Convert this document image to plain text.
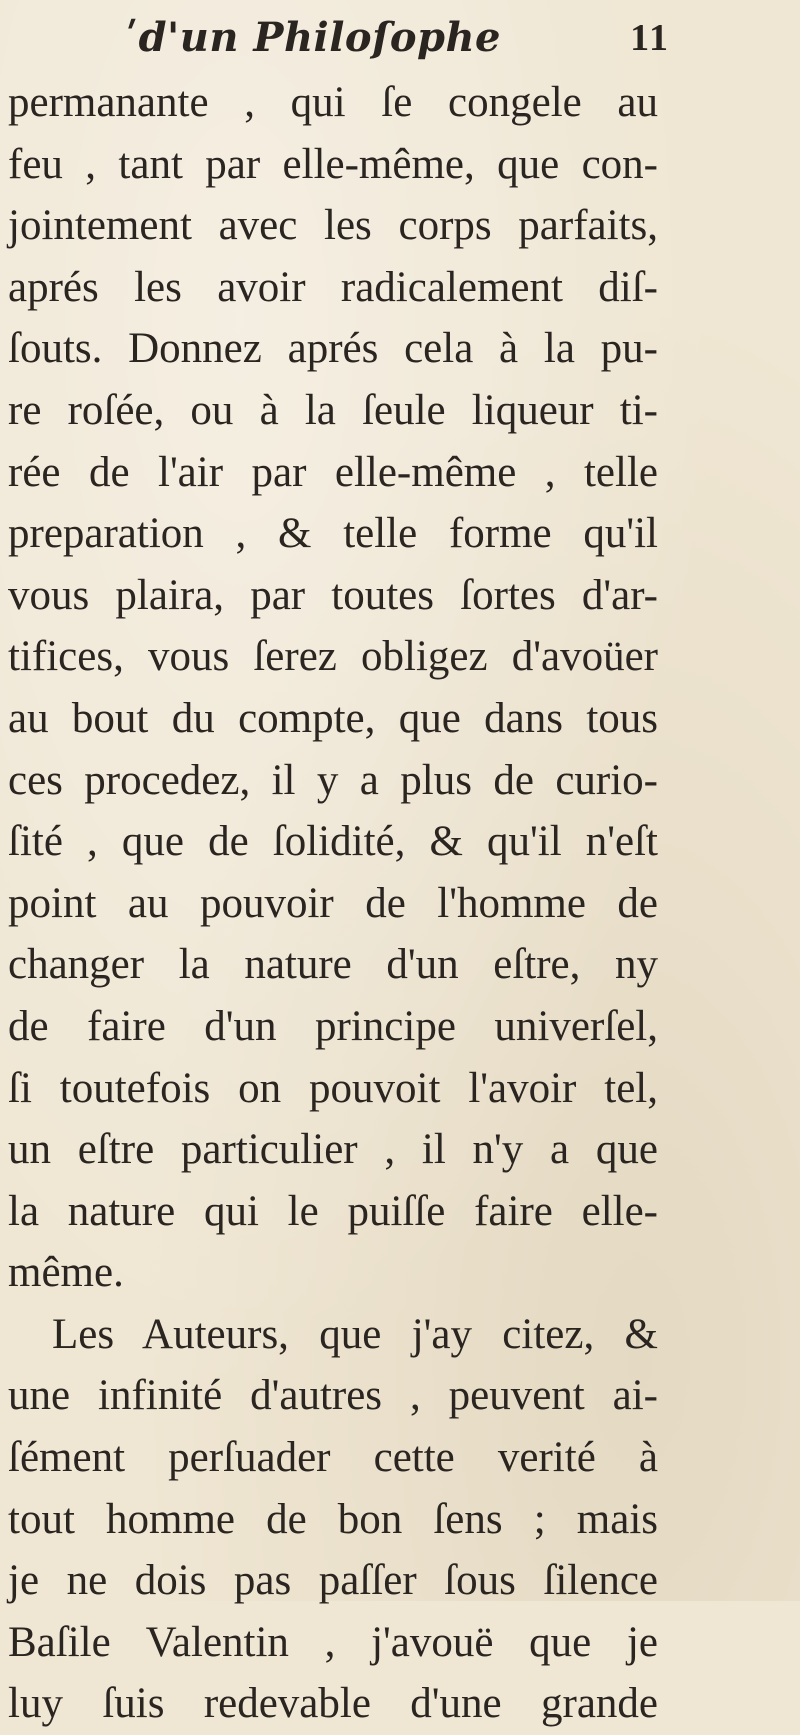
ʹd'un Philoſophe	11
permanante , qui ſe congele au
feu , tant par elle-même, que con-
jointement avec les corps parfaits,
aprés les avoir radicalement diſ-
ſouts. Donnez aprés cela à la pu-
re roſée, ou à la ſeule liqueur ti-
rée de l'air par elle-même , telle
preparation , & telle forme qu'il
vous plaira, par toutes ſortes d'ar-
tifices, vous ſerez obligez d'avoüer
au bout du compte, que dans tous
ces procedez, il y a plus de curio-
ſité , que de ſolidité, & qu'il n'eſt
point au pouvoir de l'homme de
changer la nature d'un eſtre, ny
de faire d'un principe univerſel,
ſi toutefois on pouvoit l'avoir tel,
un eſtre particulier , il n'y a que
la nature qui le puiſſe faire elle-
même.
Les Auteurs, que j'ay citez, &
une infinité d'autres , peuvent ai-
ſément perſuader cette verité à
tout homme de bon ſens ; mais
je ne dois pas paſſer ſous ſilence
Baſile Valentin , j'avouë que je
luy ſuis redevable d'une grande
